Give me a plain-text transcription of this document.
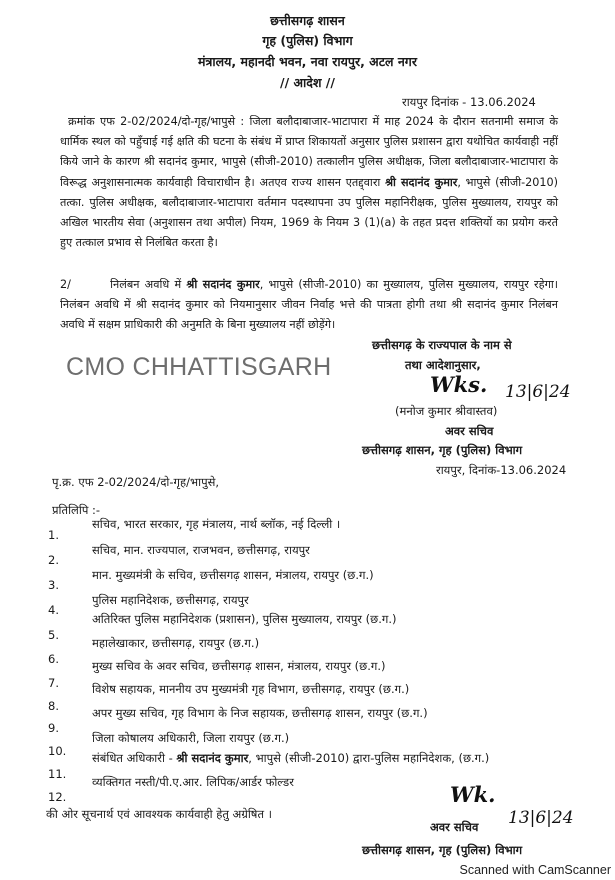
छत्तीसगढ़ शासन
गृह (पुलिस) विभाग
मंत्रालय, महानदी भवन, नवा रायपुर, अटल नगर
// आदेश //
रायपुर दिनांक - 13.06.2024
क्रमांक एफ 2-02/2024/दो-गृह/भापुसे : जिला बलौदाबाजार-भाटापारा में माह 2024 के दौरान सतनामी समाज के धार्मिक स्थल को पहुँचाई गई क्षति की घटना के संबंध में प्राप्त शिकायतों अनुसार पुलिस प्रशासन द्वारा यथोचित कार्यवाही नहीं किये जाने के कारण श्री सदानंद कुमार, भापुसे (सीजी-2010) तत्कालीन पुलिस अधीक्षक, जिला बलौदाबाजार-भाटापारा के विरूद्ध अनुशासनात्मक कार्यवाही विचाराधीन है। अतएव राज्य शासन एतद्द्वारा श्री सदानंद कुमार, भापुसे (सीजी-2010) तत्का. पुलिस अधीक्षक, बलौदाबाजार-भाटापारा वर्तमान पदस्थापना उप पुलिस महानिरीक्षक, पुलिस मुख्यालय, रायपुर को अखिल भारतीय सेवा (अनुशासन तथा अपील) नियम, 1969 के नियम 3 (1)(a) के तहत प्रदत्त शक्तियों का प्रयोग करते हुए तत्काल प्रभाव से निलंबित करता है।
2/	निलंबन अवधि में श्री सदानंद कुमार, भापुसे (सीजी-2010) का मुख्यालय, पुलिस मुख्यालय, रायपुर रहेगा। निलंबन अवधि में श्री सदानंद कुमार को नियमानुसार जीवन निर्वाह भत्ते की पात्रता होगी तथा श्री सदानंद कुमार निलंबन अवधि में सक्षम प्राधिकारी की अनुमति के बिना मुख्यालय नहीं छोड़ेंगे।
छत्तीसगढ़ के राज्यपाल के नाम से
तथा आदेशानुसार,
CMO CHHATTISGARH
Wks. 13|6|24
(मनोज कुमार श्रीवास्तव)
अवर सचिव
छत्तीसगढ़ शासन, गृह (पुलिस) विभाग
रायपुर, दिनांक-13.06.2024
पृ.क्र. एफ 2-02/2024/दो-गृह/भापुसे,
प्रतिलिपि :-
1.
सचिव, भारत सरकार, गृह मंत्रालय, नार्थ ब्लॉक, नई दिल्ली ।
2.
सचिव, मान. राज्यपाल, राजभवन, छत्तीसगढ़, रायपुर
3.
मान. मुख्यमंत्री के सचिव, छत्तीसगढ़ शासन, मंत्रालय, रायपुर (छ.ग.)
4.
पुलिस महानिदेशक, छत्तीसगढ़, रायपुर
5.
अतिरिक्त पुलिस महानिदेशक (प्रशासन), पुलिस मुख्यालय, रायपुर (छ.ग.)
6.
महालेखाकार, छत्तीसगढ़, रायपुर (छ.ग.)
7.
मुख्य सचिव के अवर सचिव, छत्तीसगढ़ शासन, मंत्रालय, रायपुर (छ.ग.)
8.
विशेष सहायक, माननीय उप मुख्यमंत्री गृह विभाग, छत्तीसगढ़, रायपुर (छ.ग.)
9.
अपर मुख्य सचिव, गृह विभाग के निज सहायक, छत्तीसगढ़ शासन, रायपुर (छ.ग.)
10.
जिला कोषालय अधिकारी, जिला रायपुर (छ.ग.)
11.
संबंधित अधिकारी - श्री सदानंद कुमार, भापुसे (सीजी-2010) द्वारा-पुलिस महानिदेशक, (छ.ग.)
12.
व्यक्तिगत नस्ती/पी.ए.आर. लिपिक/आर्डर फोल्डर
की ओर सूचनार्थ एवं आवश्यक कार्यवाही हेतु अग्रेषित ।
Wk.
13|6|24
अवर सचिव
छत्तीसगढ़ शासन, गृह (पुलिस) विभाग
Scanned with CamScanner
